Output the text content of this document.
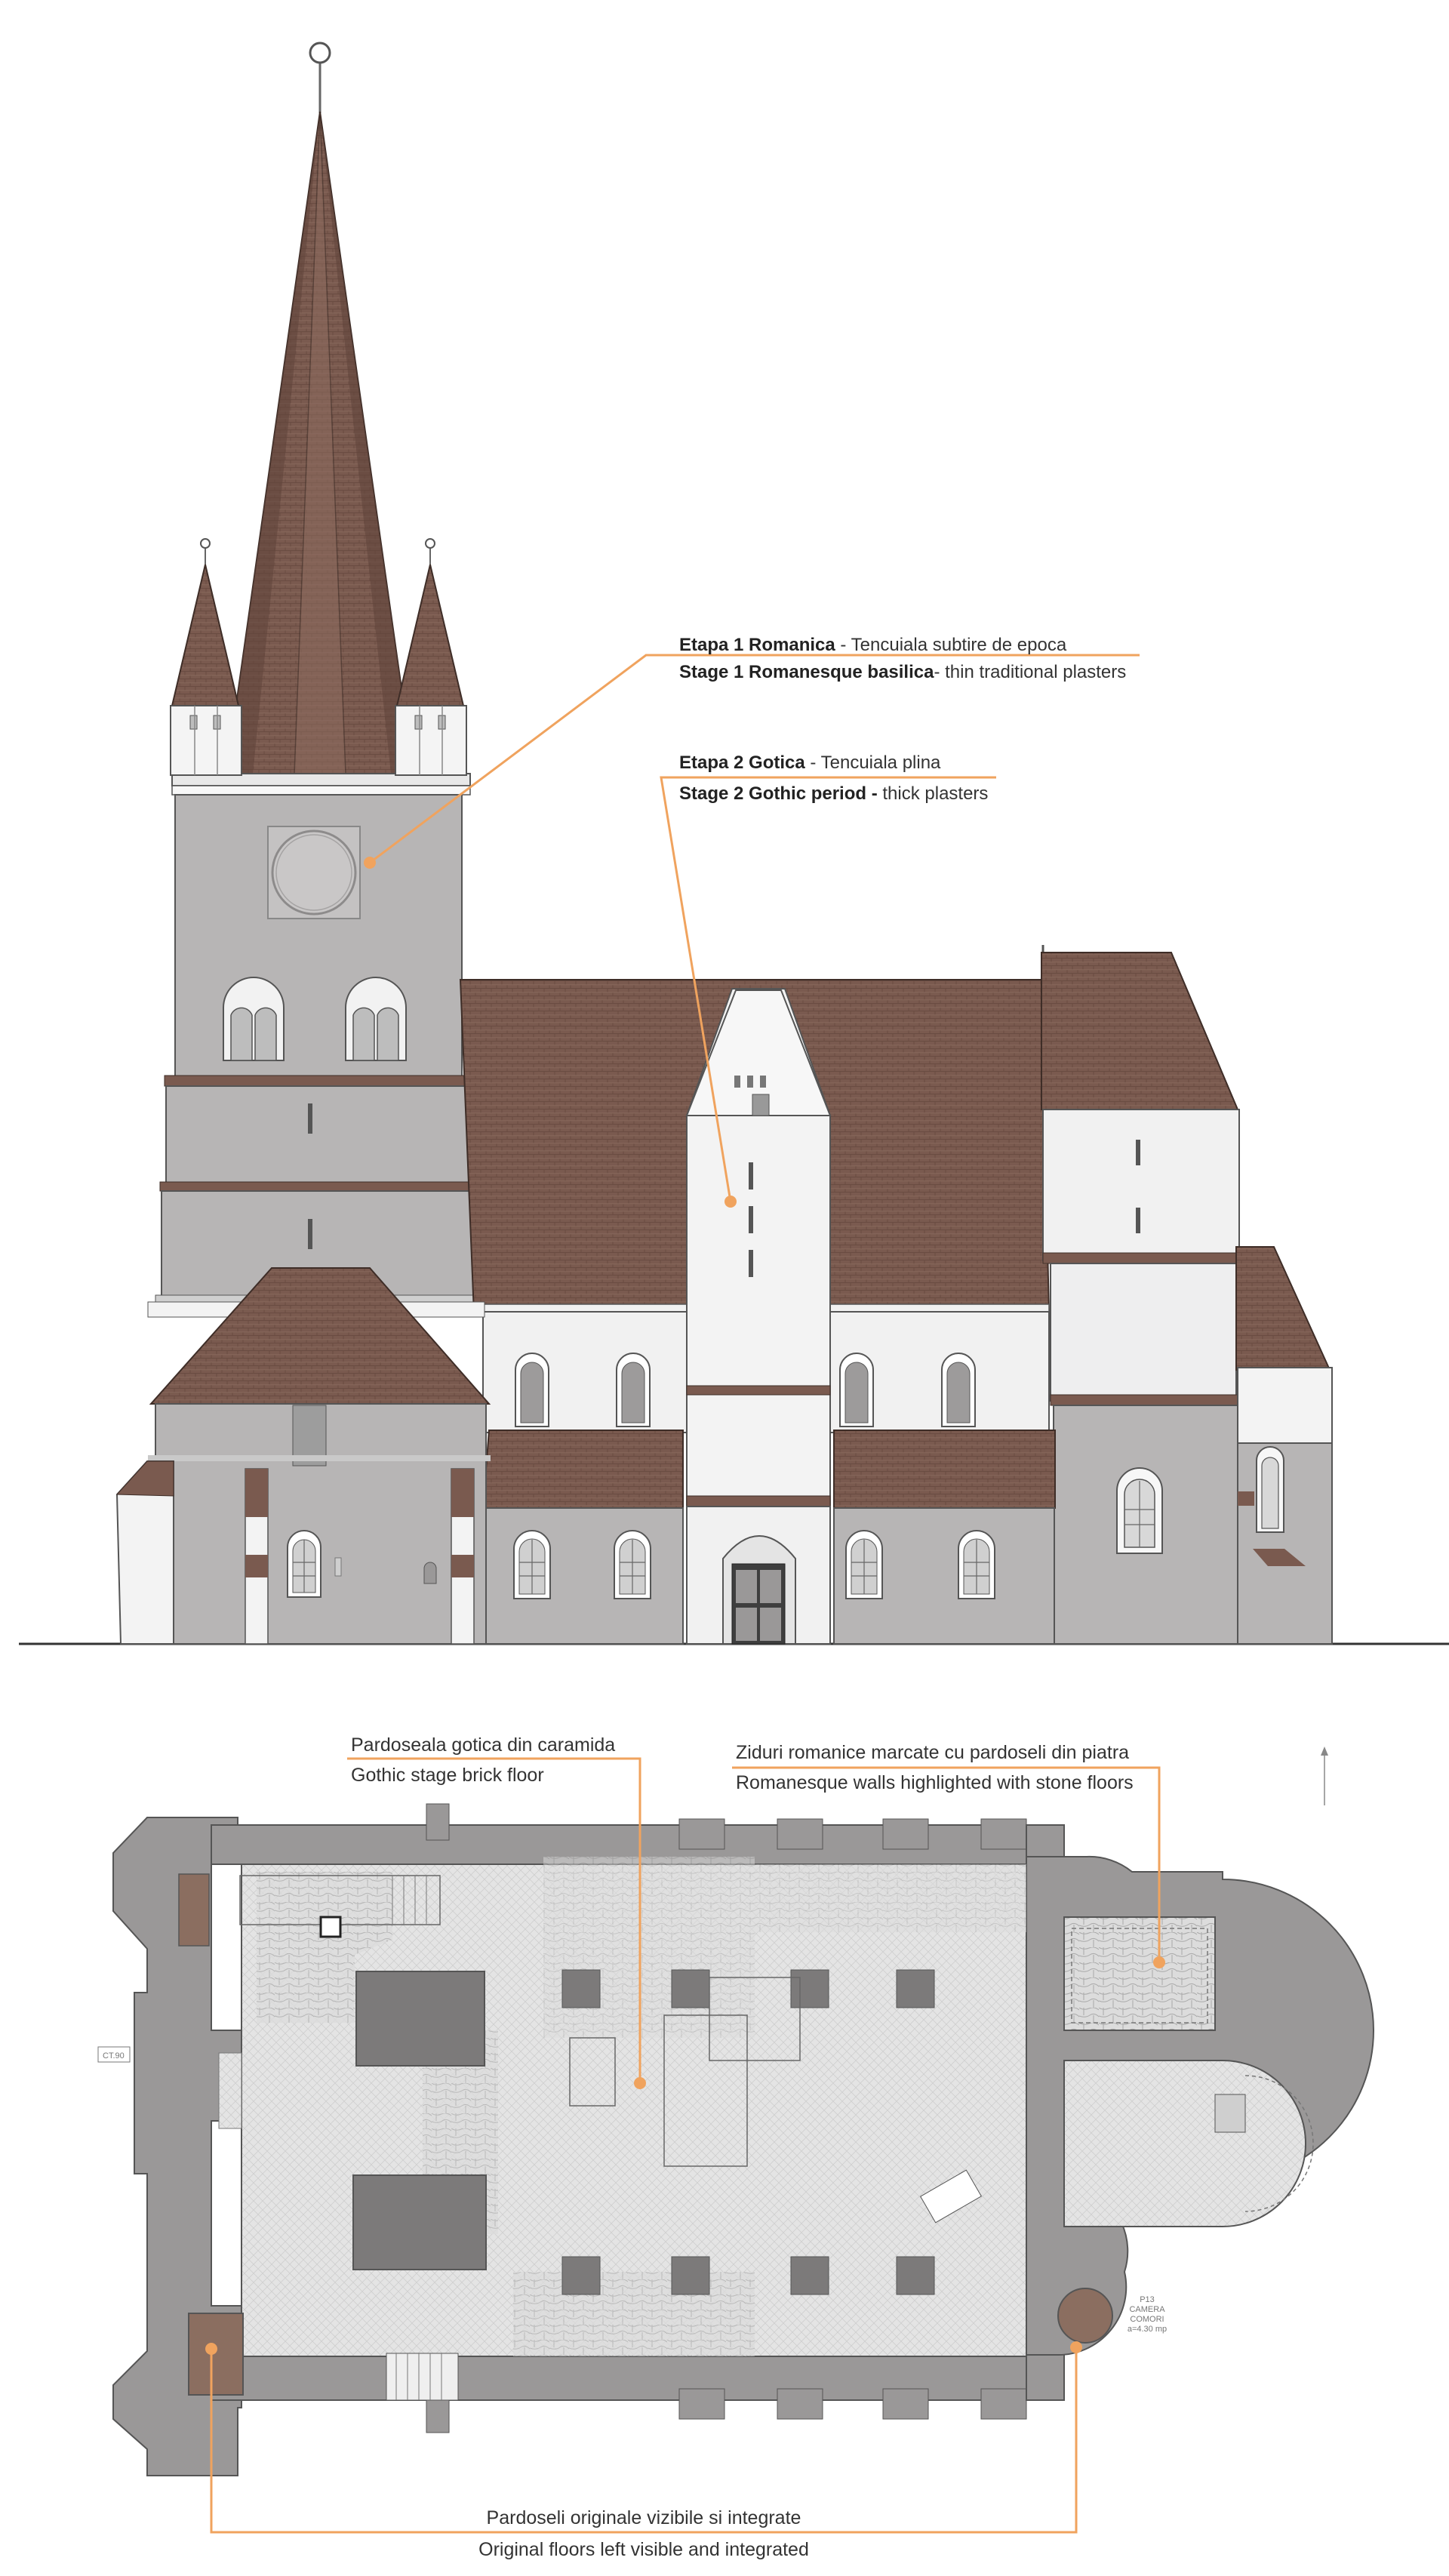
Etapa 1 Romanica - Tencuiala subtire de epoca
Stage 1 Romanesque basilica- thin traditional plasters
Etapa 2 Gotica - Tencuiala plina
Stage 2 Gothic period - thick plasters
CT.90
P13
CAMERA
COMORI
a=4.30 mp
Pardoseala gotica din caramida
Gothic stage brick floor
Ziduri romanice marcate cu pardoseli din piatra
Romanesque walls highlighted with stone floors
Pardoseli originale vizibile si integrate
Original floors left visible and integrated
